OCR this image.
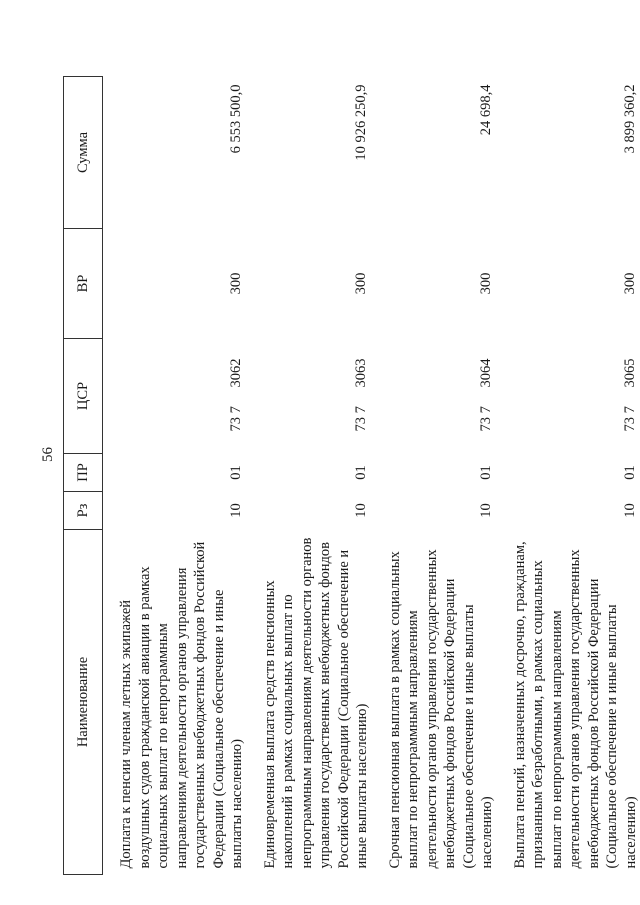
56
Наименование	Рз	ПР	ЦСР	ВР	Сумма
Доплата к пенсии членам летных экипажей воздушных судов гражданской авиации в рамках социальных выплат по непрограммным направлениям деятельности органов управления государственных внебюджетных фондов Российской Федерации (Социальное обеспечение и иные выплаты населению)	10	01	73 73062	300	6 553 500,0
Единовременная выплата средств пенсионных накоплений в рамках социальных выплат по непрограммным направлениям деятельности органов управления государственных внебюджетных фондов Российской Федерации (Социальное обеспечение и иные выплаты населению)	10	01	73 73063	300	10 926 250,9
Срочная пенсионная выплата в рамках социальных выплат по непрограммным направлениям деятельности органов управления государственных внебюджетных фондов Российской Федерации (Социальное обеспечение и иные выплаты населению)	10	01	73 73064	300	24 698,4
Выплата пенсий, назначенных досрочно, гражданам, признанным безработными, в рамках социальных выплат по непрограммным направлениям деятельности органов управления государственных внебюджетных фондов Российской Федерации (Социальное обеспечение и иные выплаты населению)	10	01	73 73065	300	3 899 360,2
